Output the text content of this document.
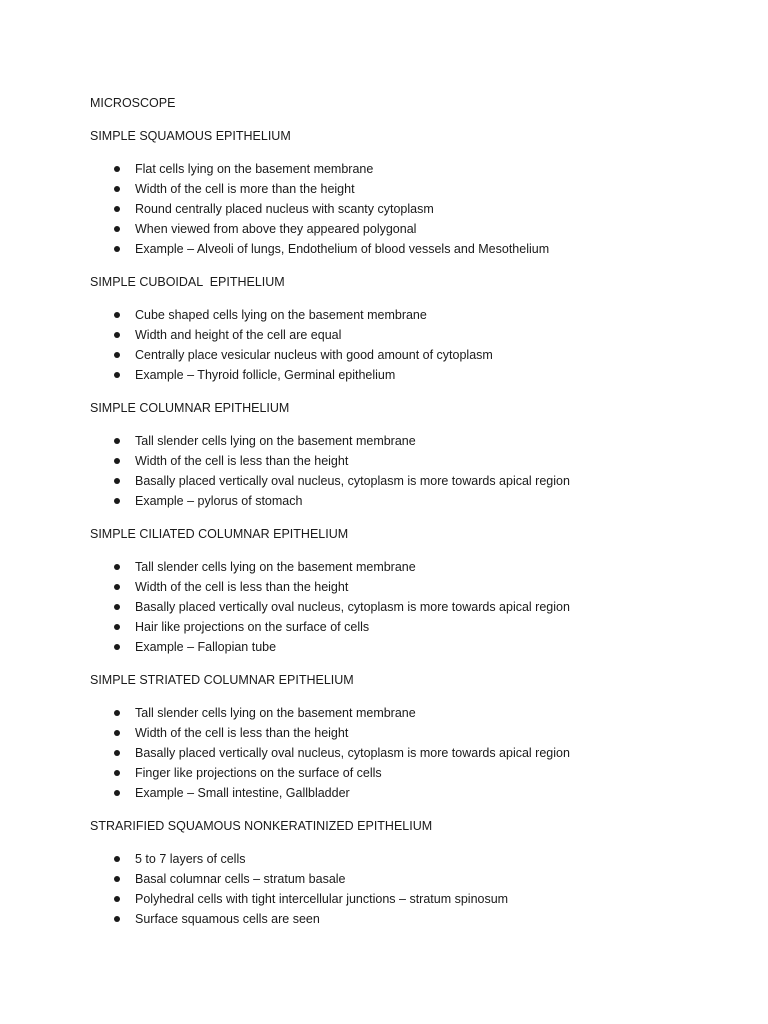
MICROSCOPE
SIMPLE SQUAMOUS EPITHELIUM
Flat cells lying on the basement membrane
Width of the cell is more than the height
Round centrally placed nucleus with scanty cytoplasm
When viewed from above they appeared polygonal
Example – Alveoli of lungs, Endothelium of blood vessels and Mesothelium
SIMPLE CUBOIDAL  EPITHELIUM
Cube shaped cells lying on the basement membrane
Width and height of the cell are equal
Centrally place vesicular nucleus with good amount of cytoplasm
Example – Thyroid follicle, Germinal epithelium
SIMPLE COLUMNAR EPITHELIUM
Tall slender cells lying on the basement membrane
Width of the cell is less than the height
Basally placed vertically oval nucleus, cytoplasm is more towards apical region
Example – pylorus of stomach
SIMPLE CILIATED COLUMNAR EPITHELIUM
Tall slender cells lying on the basement membrane
Width of the cell is less than the height
Basally placed vertically oval nucleus, cytoplasm is more towards apical region
Hair like projections on the surface of cells
Example – Fallopian tube
SIMPLE STRIATED COLUMNAR EPITHELIUM
Tall slender cells lying on the basement membrane
Width of the cell is less than the height
Basally placed vertically oval nucleus, cytoplasm is more towards apical region
Finger like projections on the surface of cells
Example – Small intestine, Gallbladder
STRARIFIED SQUAMOUS NONKERATINIZED EPITHELIUM
5 to 7 layers of cells
Basal columnar cells – stratum basale
Polyhedral cells with tight intercellular junctions – stratum spinosum
Surface squamous cells are seen
